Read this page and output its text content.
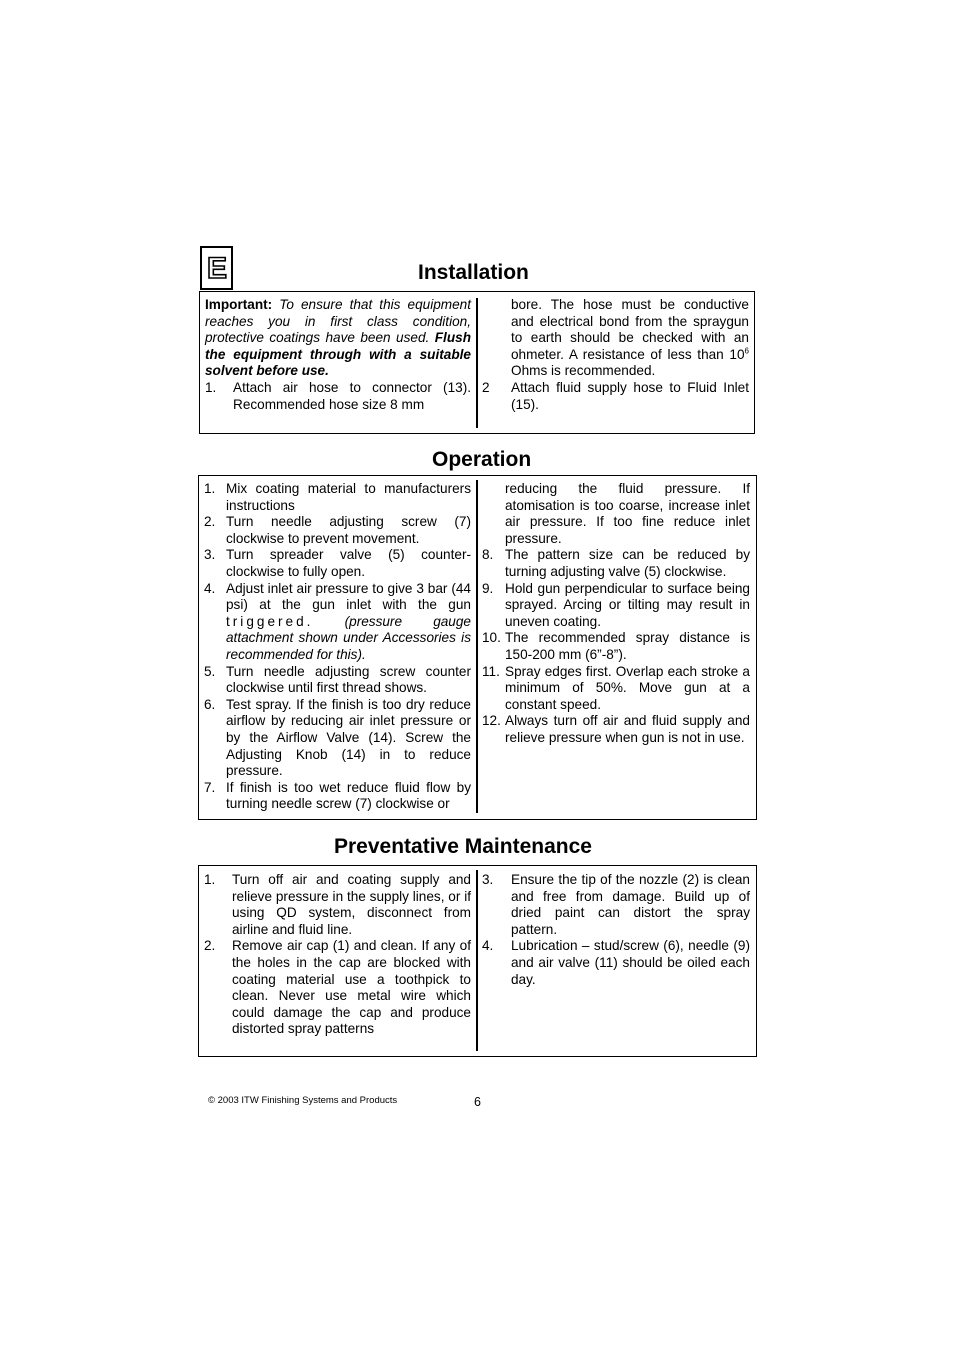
E	Installation
Important: To ensure that this equipment reaches you in first class condition, protective coatings have been used. Flush the equipment through with a suitable solvent before use.
1. Attach air hose to connector (13). Recommended hose size 8 mm
bore. The hose must be conductive and electrical bond from the spraygun to earth should be checked with an ohmeter. A resistance of less than $10^6$ Ohms is recommended.
2 Attach fluid supply hose to Fluid Inlet (15).
Operation
1. Mix coating material to manufacturers instructions
2. Turn needle adjusting screw (7) clockwise to prevent movement.
3. Turn spreader valve (5) counter-clockwise to fully open.
4. Adjust inlet air pressure to give 3 bar (44 psi) at the gun inlet with the gun triggered. (pressure gauge attachment shown under Accessories is recommended for this).
5. Turn needle adjusting screw counter clockwise until first thread shows.
6. Test spray. If the finish is too dry reduce airflow by reducing air inlet pressure or by the Airflow Valve (14). Screw the Adjusting Knob (14) in to reduce pressure.
7. If finish is too wet reduce fluid flow by turning needle screw (7) clockwise or
reducing the fluid pressure. If atomisation is too coarse, increase inlet air pressure. If too fine reduce inlet pressure.
8. The pattern size can be reduced by turning adjusting valve (5) clockwise.
9. Hold gun perpendicular to surface being sprayed. Arcing or tilting may result in uneven coating.
10. The recommended spray distance is 150-200 mm (6”-8”).
11. Spray edges first. Overlap each stroke a minimum of 50%. Move gun at a constant speed.
12. Always turn off air and fluid supply and relieve pressure when gun is not in use.
Preventative Maintenance
1. Turn off air and coating supply and relieve pressure in the supply lines, or if using QD system, disconnect from airline and fluid line.
2. Remove air cap (1) and clean. If any of the holes in the cap are blocked with coating material use a toothpick to clean. Never use metal wire which could damage the cap and produce distorted spray patterns
3. Ensure the tip of the nozzle (2) is clean and free from damage. Build up of dried paint can distort the spray pattern.
4. Lubrication – stud/screw (6), needle (9) and air valve (11) should be oiled each day.
© 2003 ITW Finishing Systems and Products	6
